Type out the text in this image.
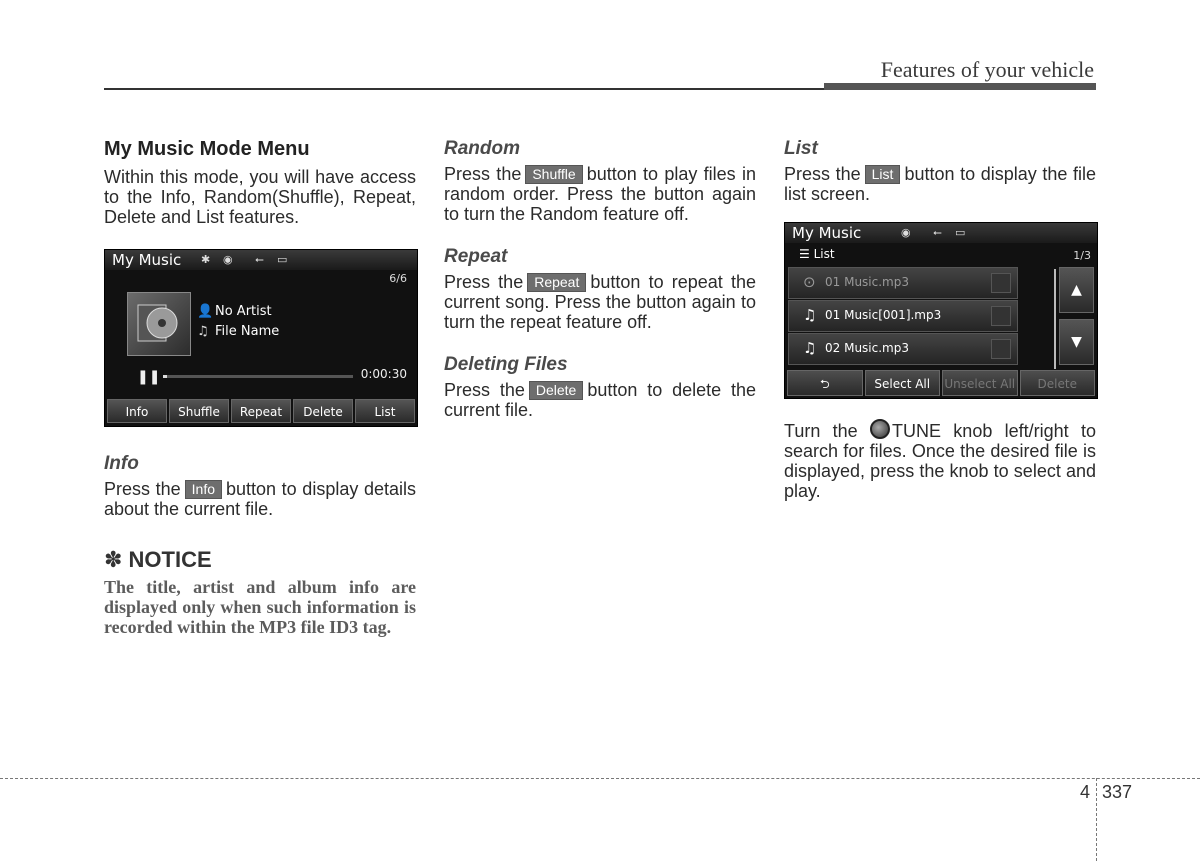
Features of your vehicle
My Music Mode Menu

Within this mode, you will have access to the Info, Random(Shuffle), Repeat, Delete and List features.

My Music ✱ ◉ ⭠ ▭
6/6
👤 No Artist
♫ File Name
❚❚	0:00:30
Info	Shuffle	Repeat	Delete	List
Info

Press the Info button to display details about the current file.

✽ NOTICE

The title, artist and album info are displayed only when such information is recorded within the MP3 file ID3 tag.

Random

Press the Shuffle button to play files in random order. Press the button again to turn the Random feature off.

Repeat

Press the Repeat button to repeat the current song. Press the button again to turn the repeat feature off.

Deleting Files

Press the Delete button to delete the current file.

List

Press the List button to display the file list screen.

My Music	◉ ⭠ ▭
☰ List	1/3
⊙ 01 Music.mp3
♫ 01 Music[001].mp3
♫ 02 Music.mp3
▲
▼
⮌	Select All	Unselect All	Delete

Turn the TUNE knob left/right to search for files. Once the desired file is displayed, press the knob to select and play.

4 337
